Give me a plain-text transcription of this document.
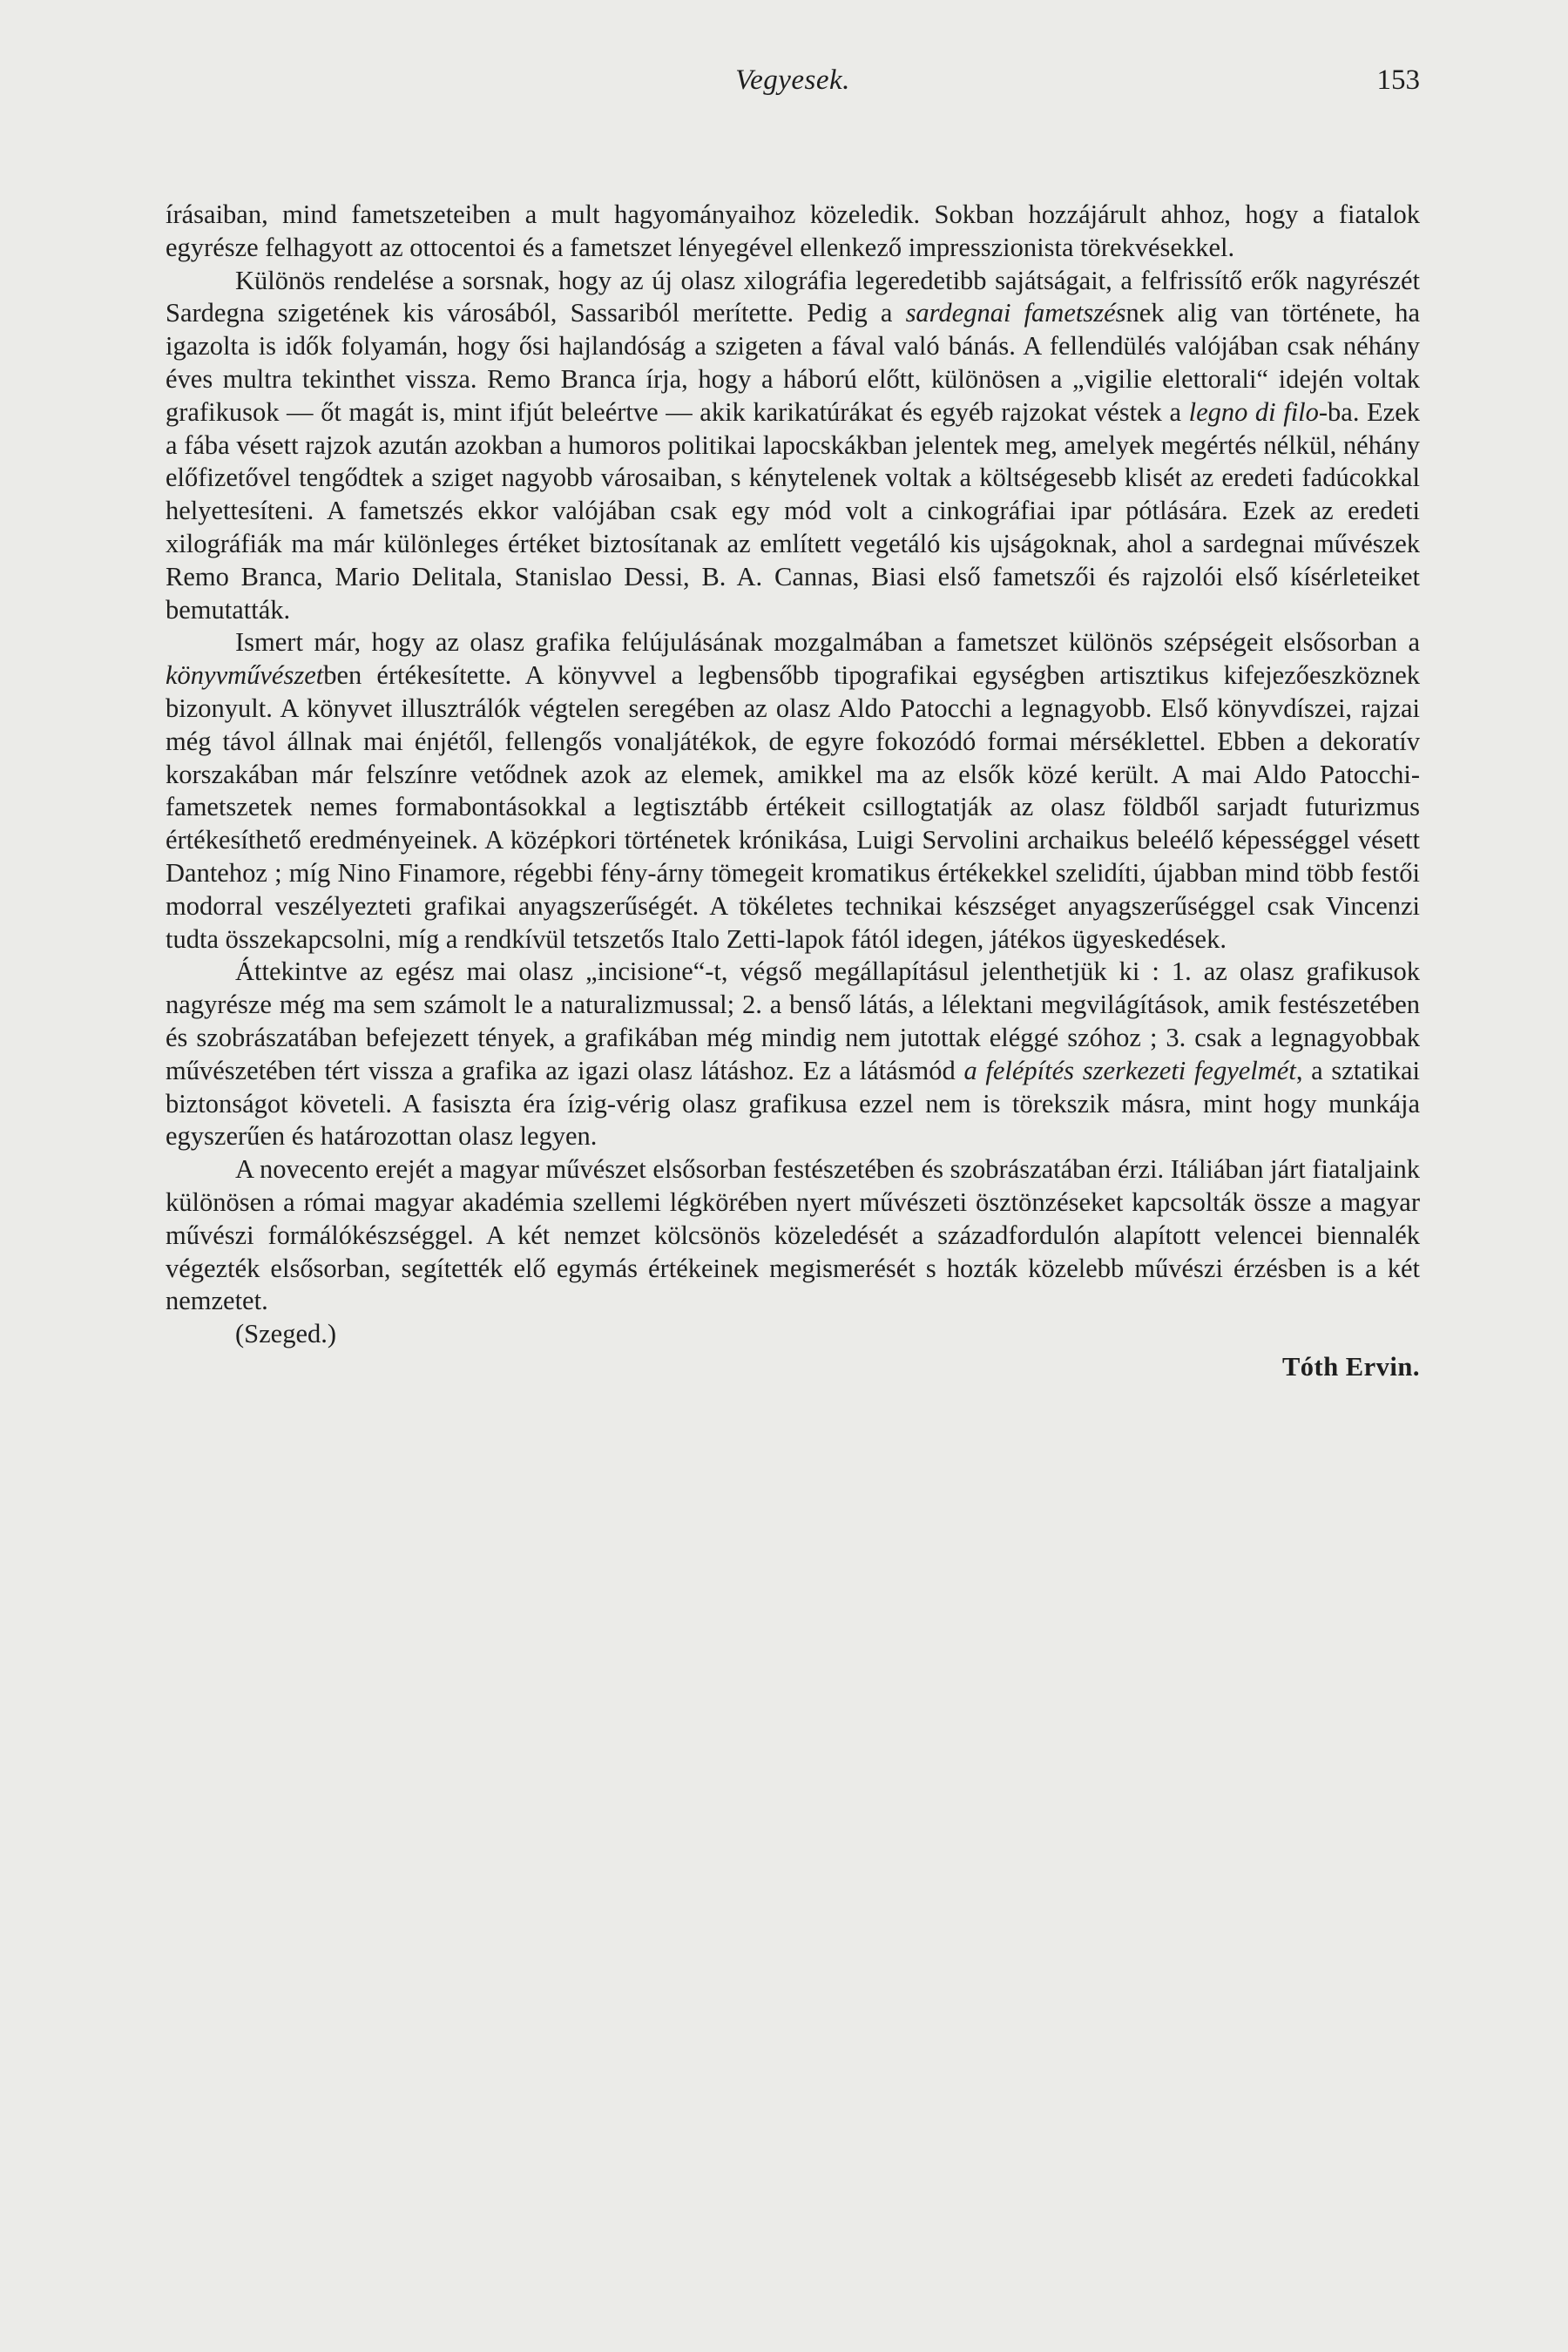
Vegyesek.	153

írásaiban, mind fametszeteiben a mult hagyományaihoz közeledik. Sokban hozzájárult ahhoz, hogy a fiatalok egyrésze felhagyott az ottocentoi és a fametszet lényegével ellenkező impresszionista törekvésekkel.

Különös rendelése a sorsnak, hogy az új olasz xilográfia legeredetibb sajátságait, a felfrissítő erők nagyrészét Sardegna szigetének kis városából, Sassariból merítette. Pedig a sardegnai fametszésnek alig van története, ha igazolta is idők folyamán, hogy ősi hajlandóság a szigeten a fával való bánás. A fellendülés valójában csak néhány éves multra tekinthet vissza. Remo Branca írja, hogy a háború előtt, különösen a „vigilie elettorali“ idején voltak grafikusok — őt magát is, mint ifjút beleértve — akik karikatúrákat és egyéb rajzokat véstek a legno di filo-ba. Ezek a fába vésett rajzok azután azokban a humoros politikai lapocskákban jelentek meg, amelyek megértés nélkül, néhány előfizetővel tengődtek a sziget nagyobb városaiban, s kénytelenek voltak a költségesebb klisét az eredeti fadúcokkal helyettesíteni. A fametszés ekkor valójában csak egy mód volt a cinkográfiai ipar pótlására. Ezek az eredeti xilográfiák ma már különleges értéket biztosítanak az említett vegetáló kis ujságoknak, ahol a sardegnai művészek Remo Branca, Mario Delitala, Stanislao Dessi, B. A. Cannas, Biasi első fametszői és rajzolói első kísérleteiket bemutatták.

Ismert már, hogy az olasz grafika felújulásának mozgalmában a fametszet különös szépségeit elsősorban a könyvművészetben értékesítette. A könyvvel a legbensőbb tipografikai egységben artisztikus kifejezőeszköznek bizonyult. A könyvet illusztrálók végtelen seregében az olasz Aldo Patocchi a legnagyobb. Első könyvdíszei, rajzai még távol állnak mai énjétől, fellengős vonaljátékok, de egyre fokozódó formai mérséklettel. Ebben a dekoratív korszakában már felszínre vetődnek azok az elemek, amikkel ma az elsők közé került. A mai Aldo Patocchi-fametszetek nemes formabontásokkal a legtisztább értékeit csillogtatják az olasz földből sarjadt futurizmus értékesíthető eredményeinek. A középkori történetek krónikása, Luigi Servolini archaikus beleélő képességgel vésett Dantehoz ; míg Nino Finamore, régebbi fény-árny tömegeit kromatikus értékekkel szelidíti, újabban mind több festői modorral veszélyezteti grafikai anyagszerűségét. A tökéletes technikai készséget anyagszerűséggel csak Vincenzi tudta összekapcsolni, míg a rendkívül tetszetős Italo Zetti-lapok fától idegen, játékos ügyeskedések.

Áttekintve az egész mai olasz „incisione“-t, végső megállapításul jelenthetjük ki : 1. az olasz grafikusok nagyrésze még ma sem számolt le a naturalizmussal; 2. a benső látás, a lélektani megvilágítások, amik festészetében és szobrászatában befejezett tények, a grafikában még mindig nem jutottak eléggé szóhoz ; 3. csak a legnagyobbak művészetében tért vissza a grafika az igazi olasz látáshoz. Ez a látásmód a felépítés szerkezeti fegyelmét, a sztatikai biztonságot követeli. A fasiszta éra ízig-vérig olasz grafikusa ezzel nem is törekszik másra, mint hogy munkája egyszerűen és határozottan olasz legyen.

A novecento erejét a magyar művészet elsősorban festészetében és szobrászatában érzi. Itáliában járt fiataljaink különösen a római magyar akadémia szellemi légkörében nyert művészeti ösztönzéseket kapcsolták össze a magyar művészi formálókészséggel. A két nemzet kölcsönös közeledését a századfordulón alapított velencei biennalék végezték elsősorban, segítették elő egymás értékeinek megismerését s hozták közelebb művészi érzésben is a két nemzetet.

(Szeged.)

Tóth Ervin.
